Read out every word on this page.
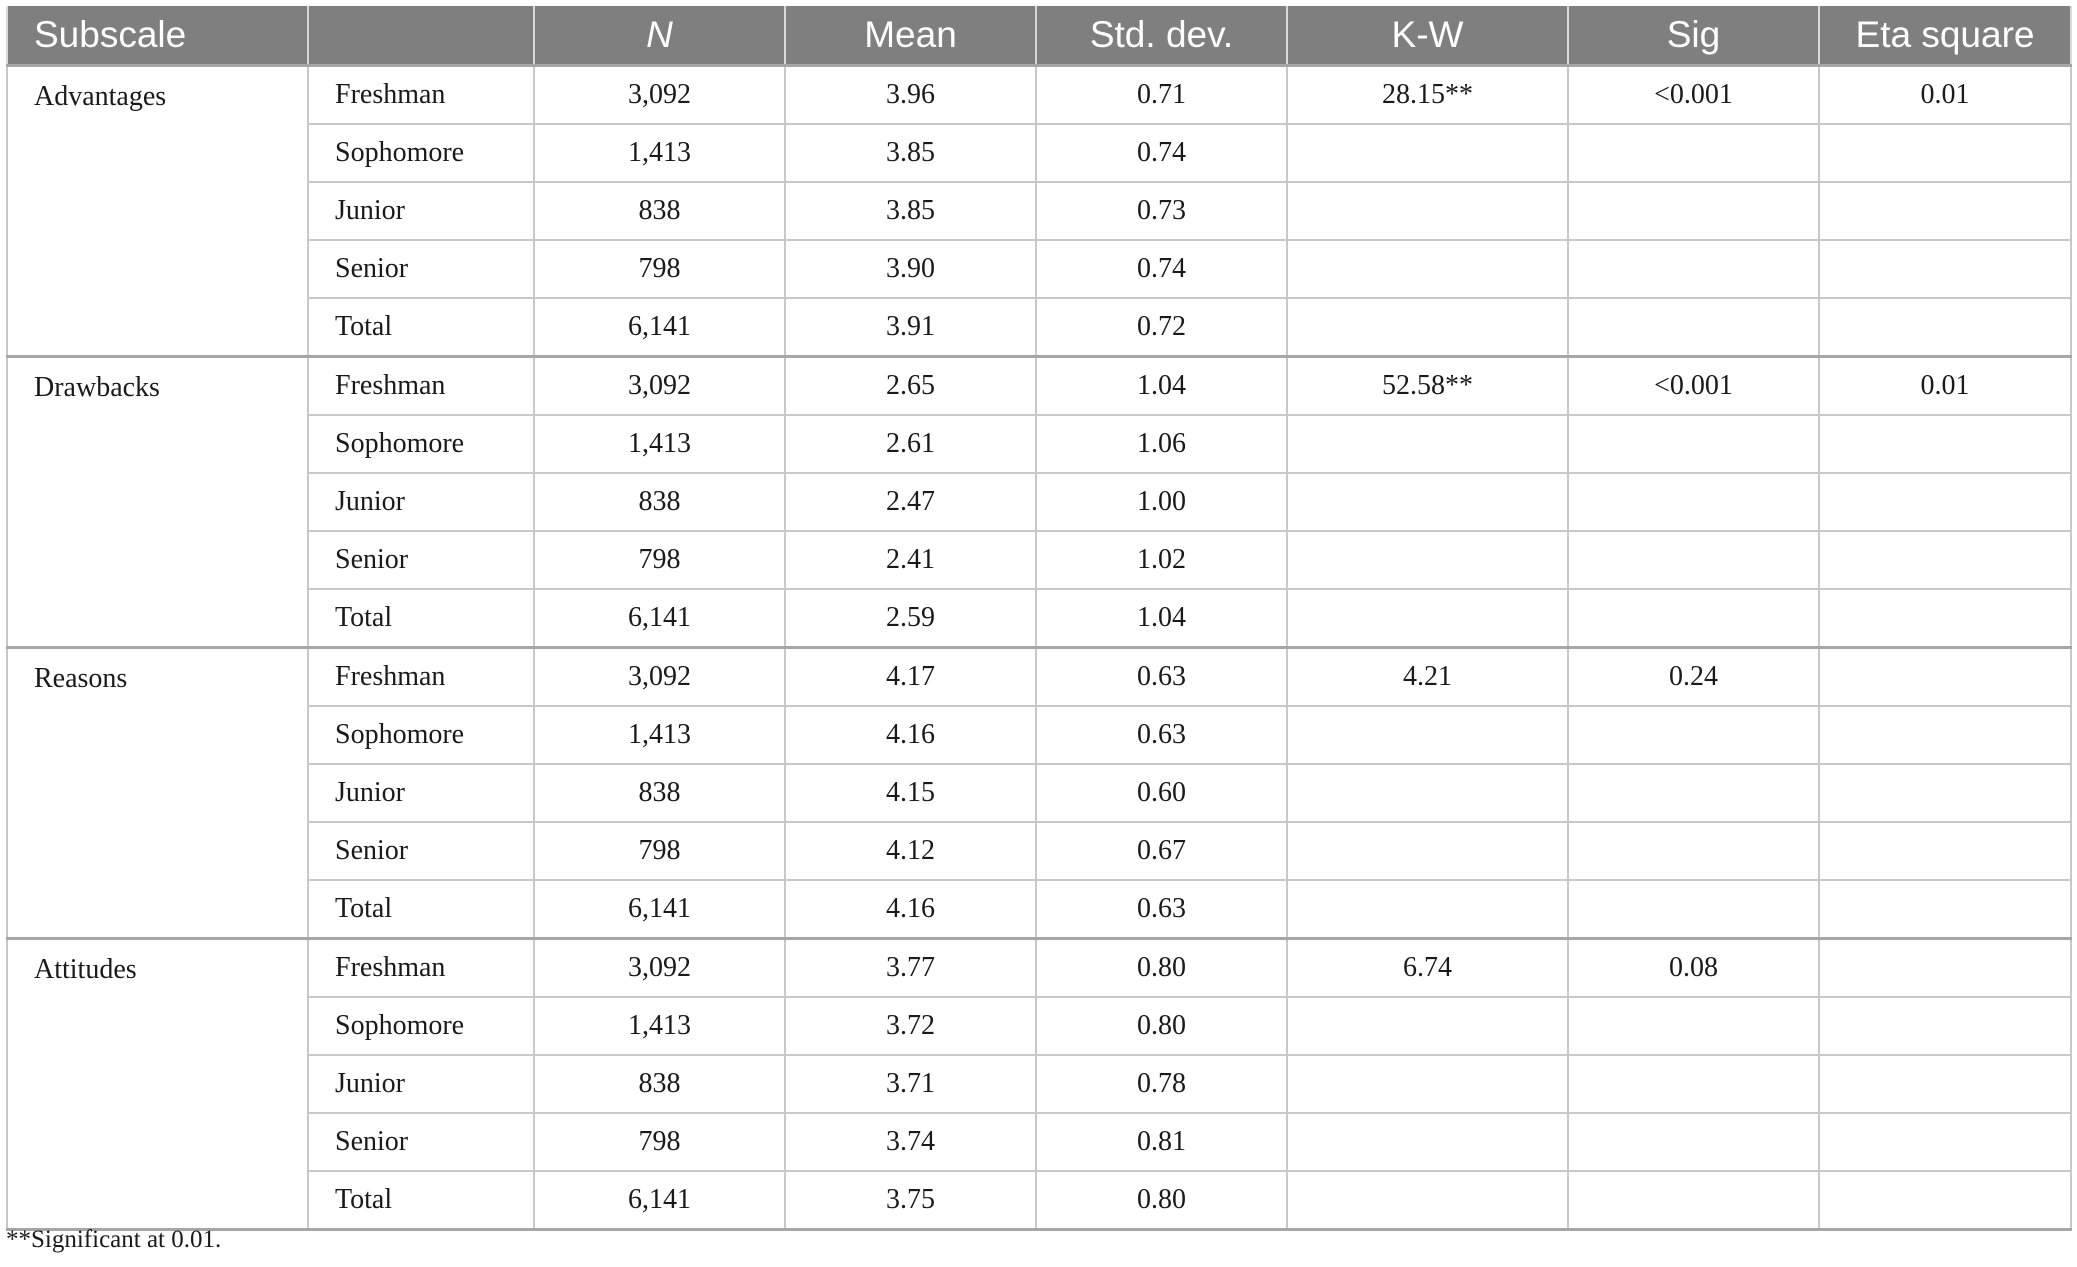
Subscale		N	Mean	Std. dev.	K-W	Sig	Eta square
Advantages	Freshman	3,092	3.96	0.71	28.15**	<0.001	0.01
	Sophomore	1,413	3.85	0.74			
	Junior	838	3.85	0.73			
	Senior	798	3.90	0.74			
	Total	6,141	3.91	0.72			
Drawbacks	Freshman	3,092	2.65	1.04	52.58**	<0.001	0.01
	Sophomore	1,413	2.61	1.06			
	Junior	838	2.47	1.00			
	Senior	798	2.41	1.02			
	Total	6,141	2.59	1.04			
Reasons	Freshman	3,092	4.17	0.63	4.21	0.24	
	Sophomore	1,413	4.16	0.63			
	Junior	838	4.15	0.60			
	Senior	798	4.12	0.67			
	Total	6,141	4.16	0.63			
Attitudes	Freshman	3,092	3.77	0.80	6.74	0.08	
	Sophomore	1,413	3.72	0.80			
	Junior	838	3.71	0.78			
	Senior	798	3.74	0.81			
	Total	6,141	3.75	0.80			
**Significant at 0.01.
